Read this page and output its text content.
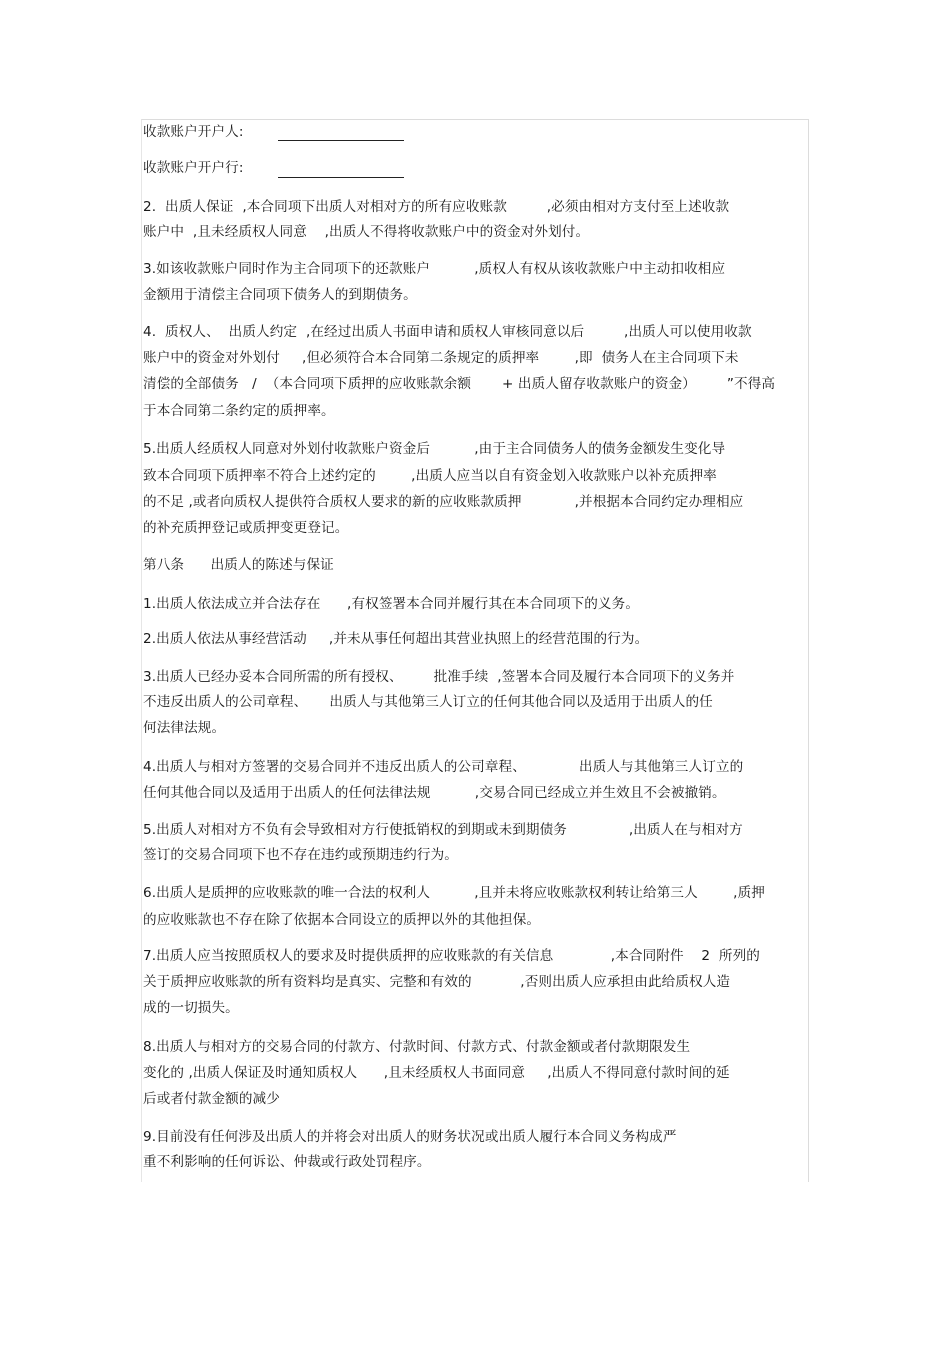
收款账户开户人:
收款账户开户行:
2.  出质人保证  ,本合同项下出质人对相对方的所有应收账款         ,必须由相对方支付至上述收款
账户中  ,且未经质权人同意    ,出质人不得将收款账户中的资金对外划付。
3.如该收款账户同时作为主合同项下的还款账户          ,质权人有权从该收款账户中主动扣收相应
金额用于清偿主合同项下债务人的到期债务。
4.  质权人、  出质人约定  ,在经过出质人书面申请和质权人审核同意以后         ,出质人可以使用收款
账户中的资金对外划付     ,但必须符合本合同第二条规定的质押率        ,即  债务人在主合同项下未
清偿的全部债务   /  （本合同项下质押的应收账款余额       + 出质人留存收款账户的资金）       ”不得高
于本合同第二条约定的质押率。
5.出质人经质权人同意对外划付收款账户资金后          ,由于主合同债务人的债务金额发生变化导
致本合同项下质押率不符合上述约定的        ,出质人应当以自有资金划入收款账户以补充质押率
的不足 ,或者向质权人提供符合质权人要求的新的应收账款质押            ,并根据本合同约定办理相应
的补充质押登记或质押变更登记。
第八条      出质人的陈述与保证
1.出质人依法成立并合法存在      ,有权签署本合同并履行其在本合同项下的义务。
2.出质人依法从事经营活动     ,并未从事任何超出其营业执照上的经营范围的行为。
3.出质人已经办妥本合同所需的所有授权、       批准手续  ,签署本合同及履行本合同项下的义务并
不违反出质人的公司章程、     出质人与其他第三人订立的任何其他合同以及适用于出质人的任
何法律法规。
4.出质人与相对方签署的交易合同并不违反出质人的公司章程、            出质人与其他第三人订立的
任何其他合同以及适用于出质人的任何法律法规          ,交易合同已经成立并生效且不会被撤销。
5.出质人对相对方不负有会导致相对方行使抵销权的到期或未到期债务              ,出质人在与相对方
签订的交易合同项下也不存在违约或预期违约行为。
6.出质人是质押的应收账款的唯一合法的权利人          ,且并未将应收账款权利转让给第三人        ,质押
的应收账款也不存在除了依据本合同设立的质押以外的其他担保。
7.出质人应当按照质权人的要求及时提供质押的应收账款的有关信息             ,本合同附件    2  所列的
关于质押应收账款的所有资料均是真实、完整和有效的           ,否则出质人应承担由此给质权人造
成的一切损失。
8.出质人与相对方的交易合同的付款方、付款时间、付款方式、付款金额或者付款期限发生
变化的 ,出质人保证及时通知质权人      ,且未经质权人书面同意     ,出质人不得同意付款时间的延
后或者付款金额的减少
9.目前没有任何涉及出质人的并将会对出质人的财务状况或出质人履行本合同义务构成严
重不利影响的任何诉讼、仲裁或行政处罚程序。
